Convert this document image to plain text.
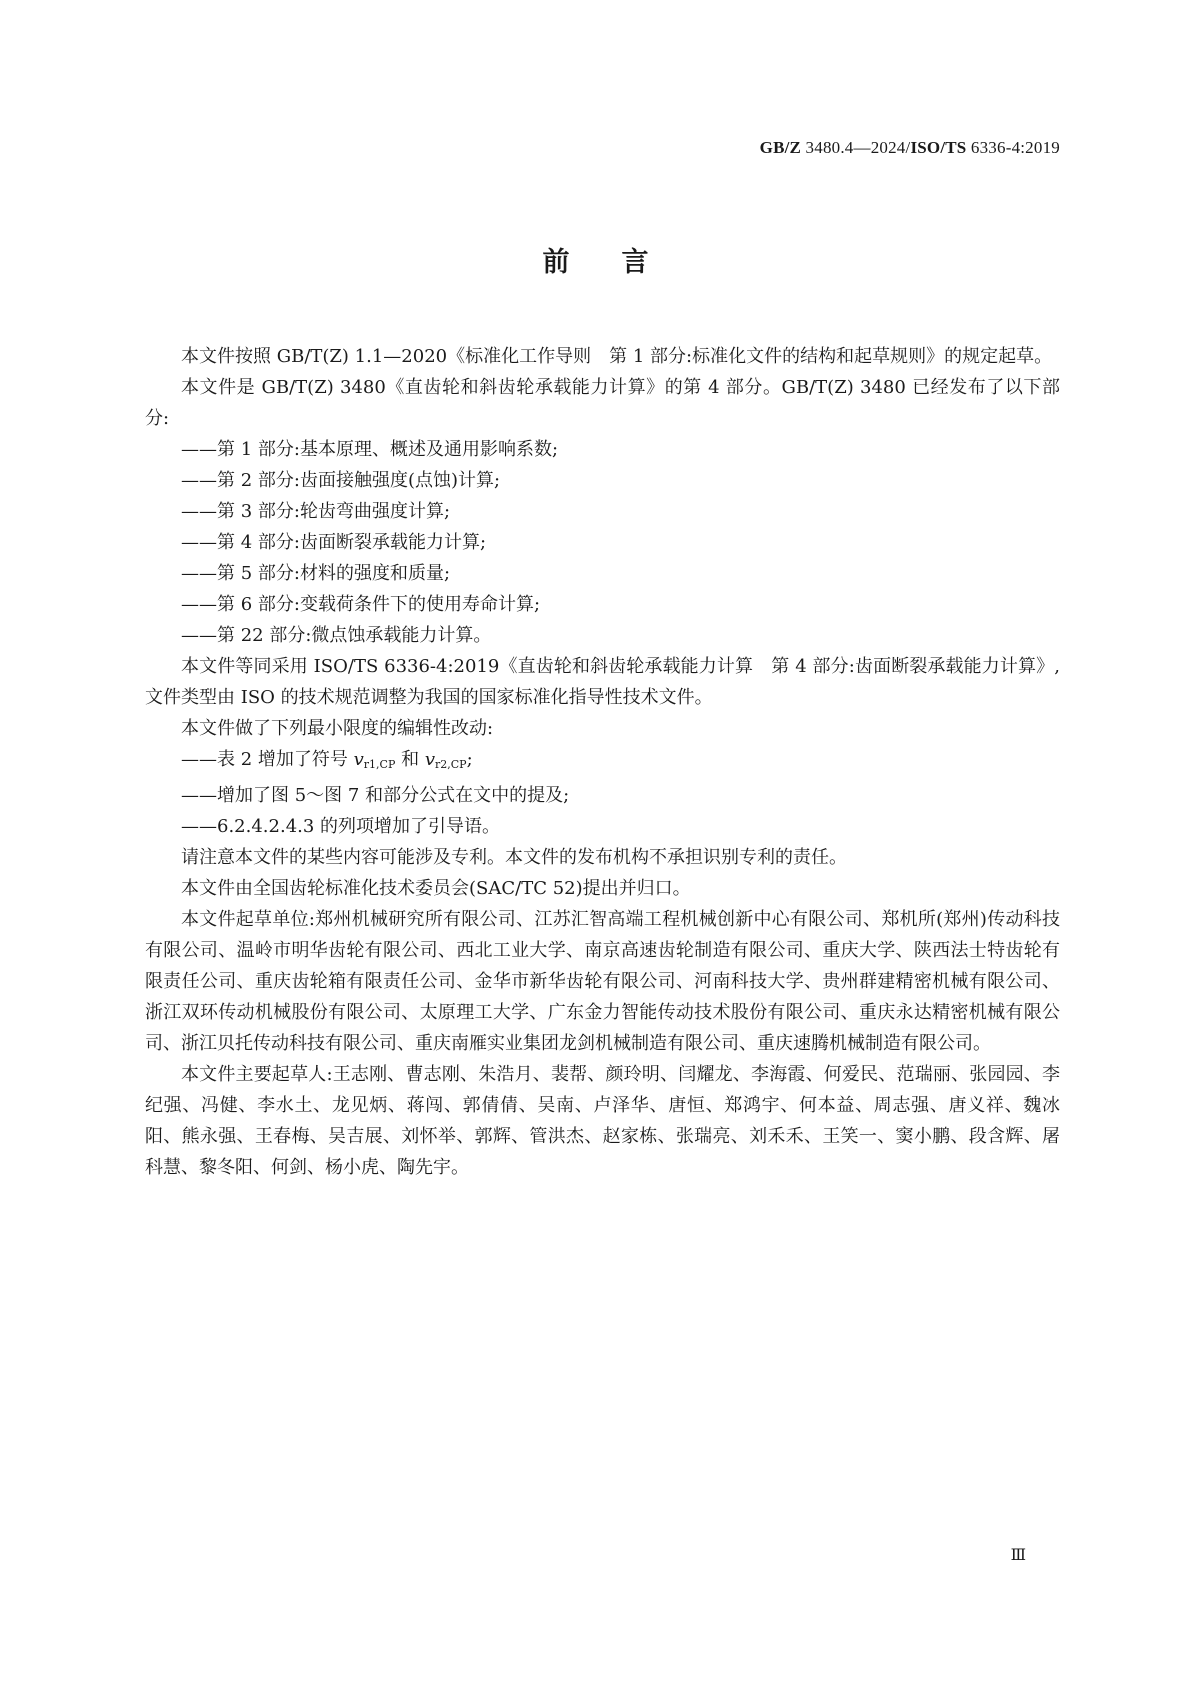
GB/Z 3480.4—2024/ISO/TS 6336-4:2019
前言

本文件按照 GB/T(Z) 1.1—2020《标准化工作导则　第 1 部分:标准化文件的结构和起草规则》的规定起草。

本文件是 GB/T(Z) 3480《直齿轮和斜齿轮承载能力计算》的第 4 部分。GB/T(Z) 3480 已经发布了以下部分:

——第 1 部分:基本原理、概述及通用影响系数;
——第 2 部分:齿面接触强度(点蚀)计算;
——第 3 部分:轮齿弯曲强度计算;
——第 4 部分:齿面断裂承载能力计算;
——第 5 部分:材料的强度和质量;
——第 6 部分:变载荷条件下的使用寿命计算;
——第 22 部分:微点蚀承载能力计算。

本文件等同采用 ISO/TS 6336-4:2019《直齿轮和斜齿轮承载能力计算　第 4 部分:齿面断裂承载能力计算》,文件类型由 ISO 的技术规范调整为我国的国家标准化指导性技术文件。

本文件做了下列最小限度的编辑性改动:

——表 2 增加了符号 $v_{r1,CP}$ 和 $v_{r2,CP}$;
——增加了图 5～图 7 和部分公式在文中的提及;
——6.2.4.2.4.3 的列项增加了引导语。

请注意本文件的某些内容可能涉及专利。本文件的发布机构不承担识别专利的责任。

本文件由全国齿轮标准化技术委员会(SAC/TC 52)提出并归口。

本文件起草单位:郑州机械研究所有限公司、江苏汇智高端工程机械创新中心有限公司、郑机所(郑州)传动科技有限公司、温岭市明华齿轮有限公司、西北工业大学、南京高速齿轮制造有限公司、重庆大学、陕西法士特齿轮有限责任公司、重庆齿轮箱有限责任公司、金华市新华齿轮有限公司、河南科技大学、贵州群建精密机械有限公司、浙江双环传动机械股份有限公司、太原理工大学、广东金力智能传动技术股份有限公司、重庆永达精密机械有限公司、浙江贝托传动科技有限公司、重庆南雁实业集团龙剑机械制造有限公司、重庆速腾机械制造有限公司。

本文件主要起草人:王志刚、曹志刚、朱浩月、裴帮、颜玲明、闫耀龙、李海霞、何爱民、范瑞丽、张园园、李纪强、冯健、李水土、龙见炳、蒋闯、郭倩倩、吴南、卢泽华、唐恒、郑鸿宇、何本益、周志强、唐义祥、魏冰阳、熊永强、王春梅、吴吉展、刘怀举、郭辉、管洪杰、赵家栋、张瑞亮、刘禾禾、王笑一、窦小鹏、段含辉、屠科慧、黎冬阳、何剑、杨小虎、陶先宇。

Ⅲ
